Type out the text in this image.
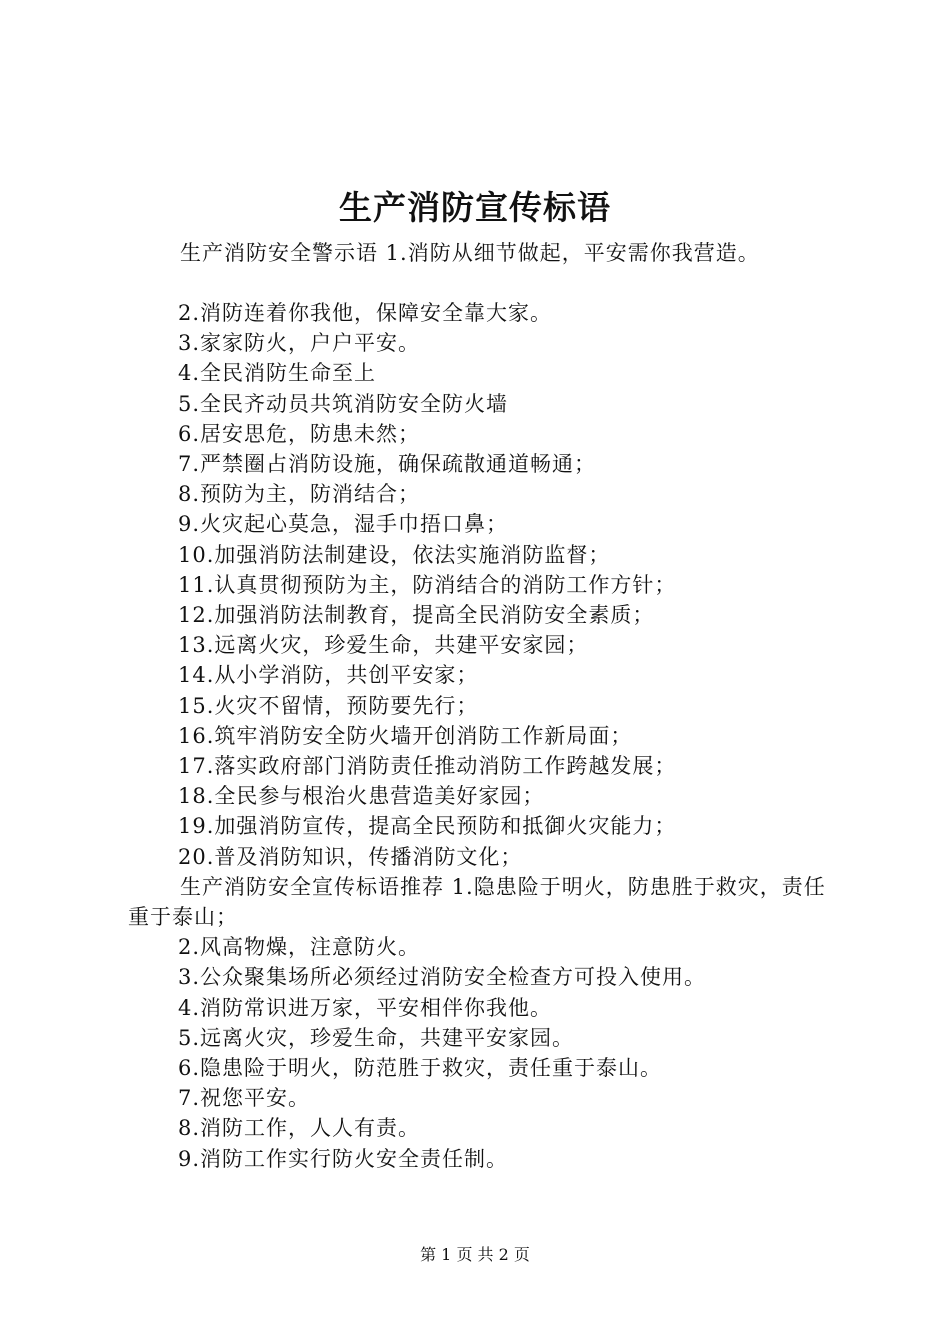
生产消防宣传标语
生产消防安全警示语 1.消防从细节做起，平安需你我营造。
2.消防连着你我他，保障安全靠大家。
3.家家防火，户户平安。
4.全民消防生命至上
5.全民齐动员共筑消防安全防火墙
6.居安思危，防患未然；
7.严禁圈占消防设施，确保疏散通道畅通；
8.预防为主，防消结合；
9.火灾起心莫急，湿手巾捂口鼻；
10.加强消防法制建设，依法实施消防监督；
11.认真贯彻预防为主，防消结合的消防工作方针；
12.加强消防法制教育，提高全民消防安全素质；
13.远离火灾，珍爱生命，共建平安家园；
14.从小学消防，共创平安家；
15.火灾不留情，预防要先行；
16.筑牢消防安全防火墙开创消防工作新局面；
17.落实政府部门消防责任推动消防工作跨越发展；
18.全民参与根治火患营造美好家园；
19.加强消防宣传，提高全民预防和抵御火灾能力；
20.普及消防知识，传播消防文化；
生产消防安全宣传标语推荐 1.隐患险于明火，防患胜于救灾，责任重于泰山；
2.风高物燥，注意防火。
3.公众聚集场所必须经过消防安全检查方可投入使用。
4.消防常识进万家，平安相伴你我他。
5.远离火灾，珍爱生命，共建平安家园。
6.隐患险于明火，防范胜于救灾，责任重于泰山。
7.祝您平安。
8.消防工作，人人有责。
9.消防工作实行防火安全责任制。
第 1 页 共 2 页
